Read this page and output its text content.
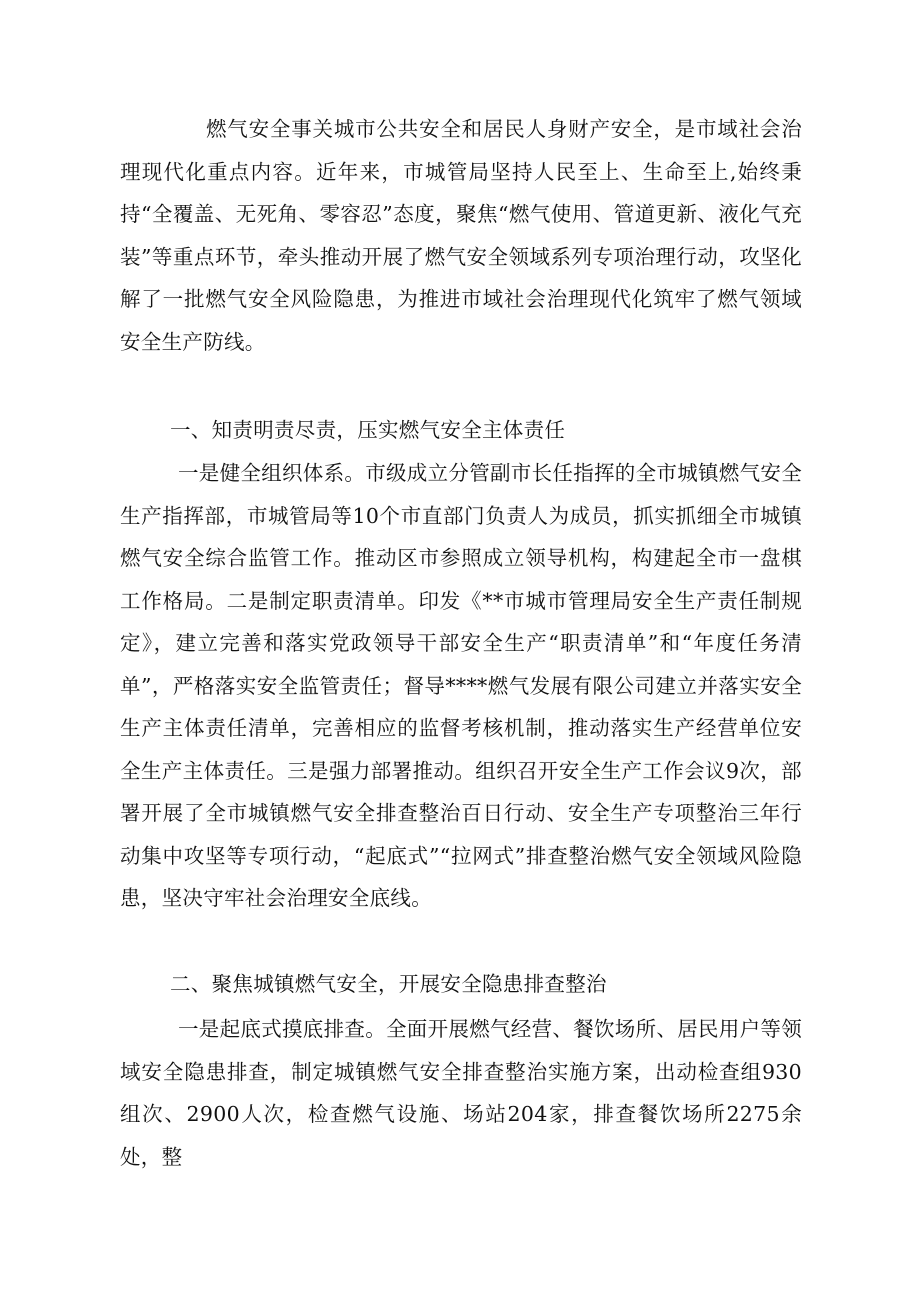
燃气安全事关城市公共安全和居民人身财产安全，是市域社会治理现代化重点内容。近年来，市城管局坚持人民至上、生命至上,始终秉持“全覆盖、无死角、零容忍”态度，聚焦“燃气使用、管道更新、液化气充装”等重点环节，牵头推动开展了燃气安全领域系列专项治理行动，攻坚化解了一批燃气安全风险隐患，为推进市域社会治理现代化筑牢了燃气领域安全生产防线。

一、知责明责尽责，压实燃气安全主体责任

一是健全组织体系。市级成立分管副市长任指挥的全市城镇燃气安全生产指挥部，市城管局等10个市直部门负责人为成员，抓实抓细全市城镇燃气安全综合监管工作。推动区市参照成立领导机构，构建起全市一盘棋工作格局。二是制定职责清单。印发《**市城市管理局安全生产责任制规定》，建立完善和落实党政领导干部安全生产“职责清单”和“年度任务清单”，严格落实安全监管责任；督导****燃气发展有限公司建立并落实安全生产主体责任清单，完善相应的监督考核机制，推动落实生产经营单位安全生产主体责任。三是强力部署推动。组织召开安全生产工作会议9次，部署开展了全市城镇燃气安全排查整治百日行动、安全生产专项整治三年行动集中攻坚等专项行动，“起底式”“拉网式”排查整治燃气安全领域风险隐患，坚决守牢社会治理安全底线。

二、聚焦城镇燃气安全，开展安全隐患排查整治

一是起底式摸底排查。全面开展燃气经营、餐饮场所、居民用户等领域安全隐患排查，制定城镇燃气安全排查整治实施方案，出动检查组930组次、2900人次，检查燃气设施、场站204家，排查餐饮场所2275余处，整
